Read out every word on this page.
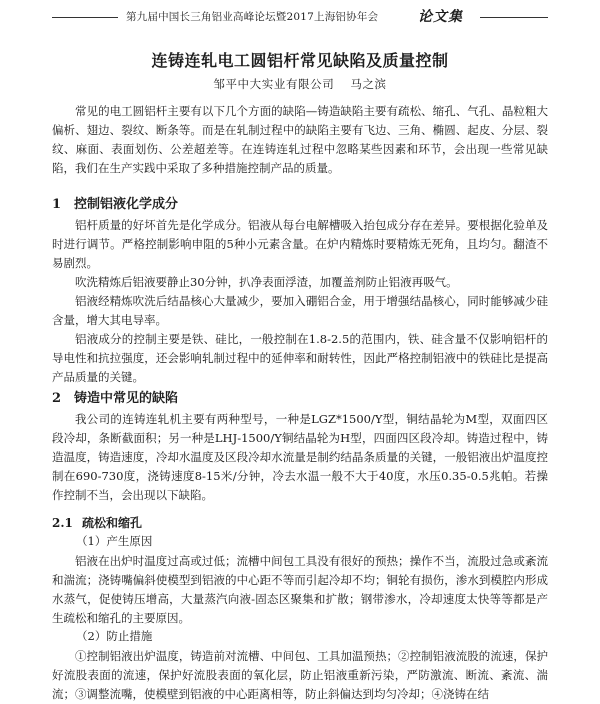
第九届中国长三角铝业高峰论坛暨2017上海铝协年会	论文集
连铸连轧电工圆铝杆常见缺陷及质量控制
邹平中大实业有限公司 马之滨

常见的电工圆铝杆主要有以下几个方面的缺陷—铸造缺陷主要有疏松、缩孔、气孔、晶粒粗大偏析、翅边、裂纹、断条等。而是在轧制过程中的缺陷主要有飞边、三角、椭圆、起皮、分层、裂纹、麻面、表面划伤、公差超差等。在连铸连轧过程中忽略某些因素和环节，会出现一些常见缺陷，我们在生产实践中采取了多种措施控制产品的质量。

1 控制铝液化学成分

铝杆质量的好坏首先是化学成分。铝液从每台电解槽吸入抬包成分存在差异。要根据化验单及时进行调节。严格控制影响申阻的5种小元素含量。在炉内精炼时要精炼无死角，且均匀。翻渣不易剧烈。

吹洗精炼后铝液要静止30分钟，扒净表面浮渣，加覆盖剂防止铝液再吸气。

铝液经精炼吹洗后结晶核心大量减少，要加入硼铝合金，用于增强结晶核心，同时能够减少硅含量，增大其电导率。

铝液成分的控制主要是铁、硅比，一般控制在1.8-2.5的范围内，铁、硅含量不仅影响铝杆的导电性和抗拉强度，还会影响轧制过程中的延伸率和耐转性，因此严格控制铝液中的铁硅比是提高产品质量的关键。

2 铸造中常见的缺陷

我公司的连铸连轧机主要有两种型号，一种是LGZ*1500/Y型，铜结晶轮为M型，双面四区段冷却，条断截面积；另一种是LHJ-1500/Y铜结晶轮为H型，四面四区段冷却。铸造过程中，铸造温度，铸造速度，冷却水温度及区段冷却水流量是制约结晶条质量的关键，一般铝液出炉温度控制在690-730度，浇铸速度8-15米/分钟，冷去水温一般不大于40度，水压0.35-0.5兆帕。若操作控制不当，会出现以下缺陷。

2.1 疏松和缩孔
（1）产生原因

铝液在出炉时温度过高或过低；流槽中间包工具没有很好的预热；操作不当，流股过急或紊流和湍流；浇铸嘴偏斜使模型到铝液的中心距不等而引起冷却不均；铜轮有损伤，渗水到模腔内形成水蒸气，促使铸压增高，大量蒸汽向液-固态区聚集和扩散；钢带渗水，冷却速度太快等等都是产生疏松和缩孔的主要原因。

（2）防止措施

①控制铝液出炉温度，铸造前对流槽、中间包、工具加温预热；②控制铝液流股的流速，保护好流股表面的流速，保护好流股表面的氧化层，防止铝液重新污染，严防激流、断流、紊流、湍流；③调整流嘴，使模壁到铝液的中心距离相等，防止斜偏达到均匀冷却；④浇铸在结
